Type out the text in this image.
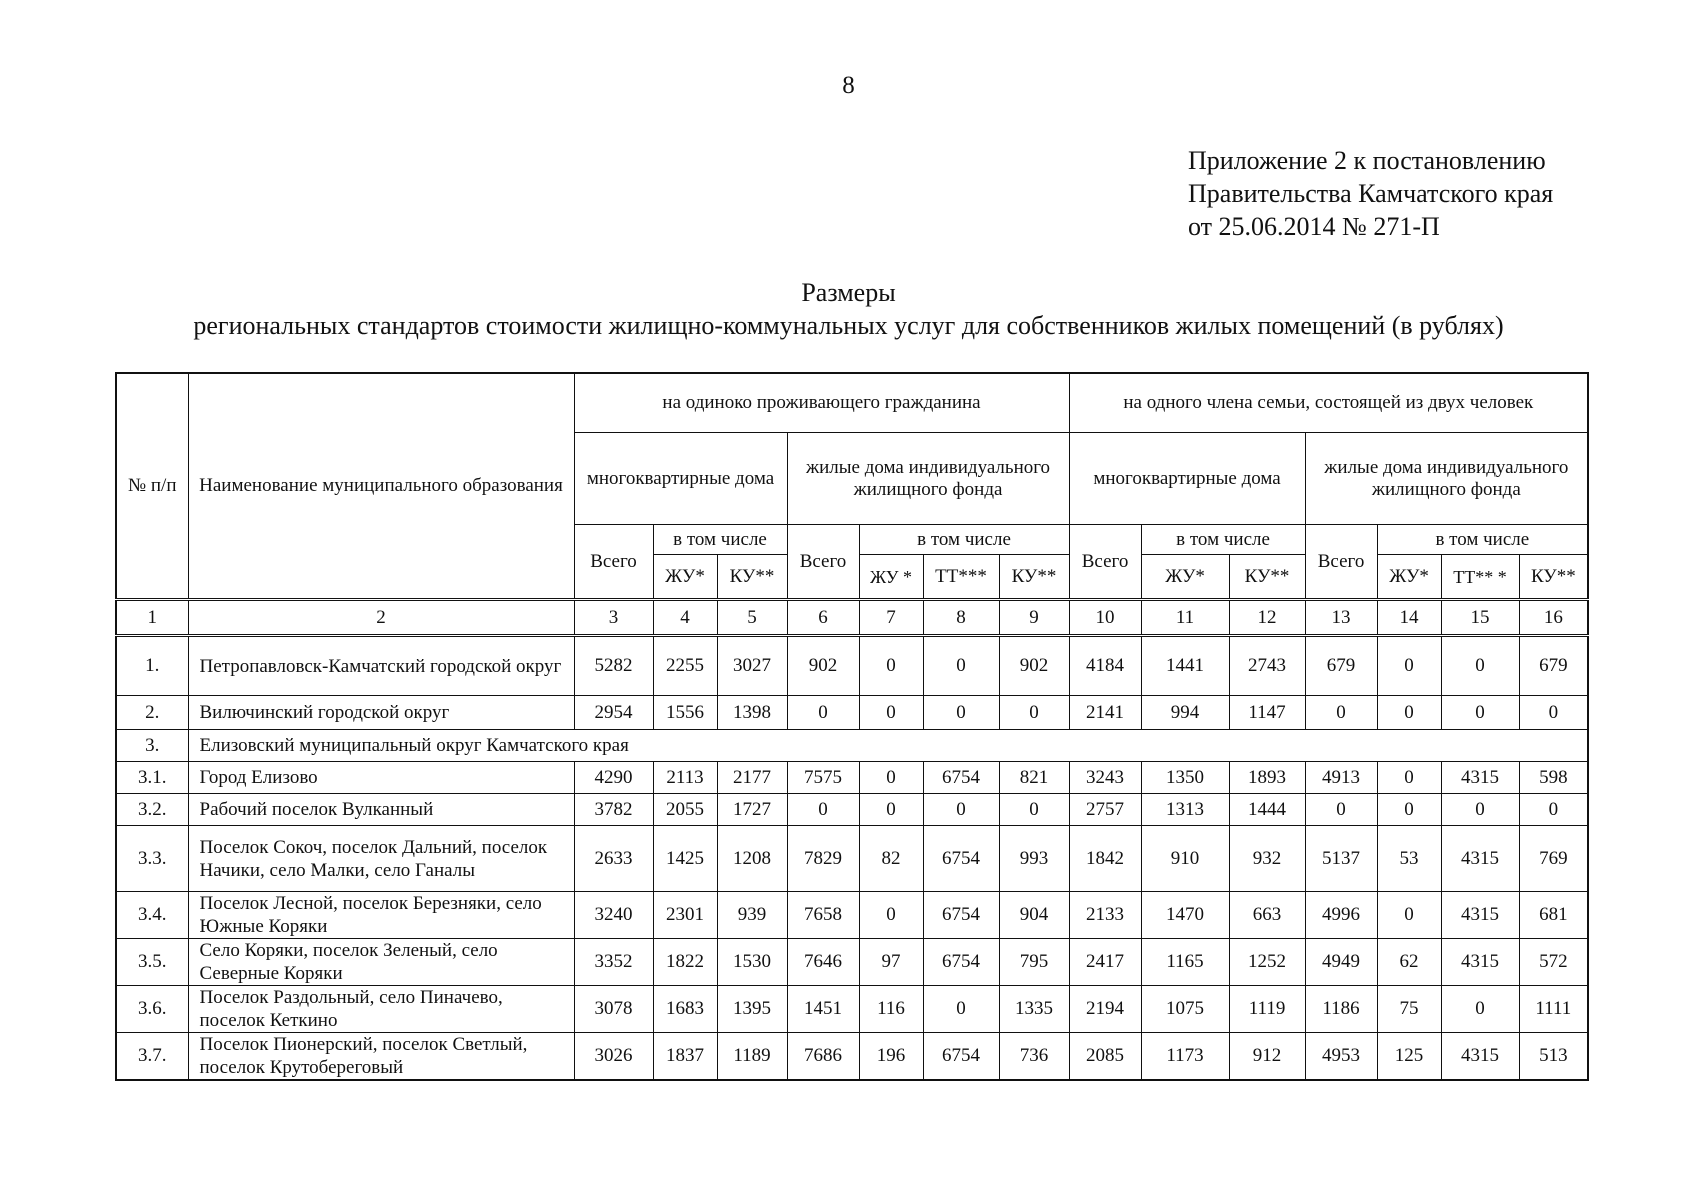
8
Приложение 2 к постановлению
Правительства Камчатского края
от 25.06.2014 № 271-П
Размеры
региональных стандартов стоимости жилищно-коммунальных услуг для собственников жилых помещений (в рублях)
№ п/п	Наименование муниципального образования	на одиноко проживающего гражданина							на одного члена семьи, состоящей из двух человек						
		многоквартирные дома			жилые дома индивидуального жилищного фонда				многоквартирные дома			жилые дома индивидуального жилищного фонда			
		Всего	в том числе		Всего	в том числе			Всего	в том числе		Всего	в том числе		
			ЖУ*	КУ**		ЖУ *	ТТ***	КУ**		ЖУ*	КУ**		ЖУ*	ТТ** *	КУ**
1	2	3	4	5	6	7	8	9	10	11	12	13	14	15	16
1.	Петропавловск-Камчатский городской округ	5282	2255	3027	902	0	0	902	4184	1441	2743	679	0	0	679
2.	Вилючинский городской округ	2954	1556	1398	0	0	0	0	2141	994	1147	0	0	0	0
3.	Елизовский муниципальный округ Камчатского края														
3.1.	Город Елизово	4290	2113	2177	7575	0	6754	821	3243	1350	1893	4913	0	4315	598
3.2.	Рабочий поселок Вулканный	3782	2055	1727	0	0	0	0	2757	1313	1444	0	0	0	0
3.3.	Поселок Сокоч, поселок Дальний, поселок Начики, село Малки, село Ганалы	2633	1425	1208	7829	82	6754	993	1842	910	932	5137	53	4315	769
3.4.	Поселок Лесной, поселок Березняки, село Южные Коряки	3240	2301	939	7658	0	6754	904	2133	1470	663	4996	0	4315	681
3.5.	Село Коряки, поселок Зеленый, село Северные Коряки	3352	1822	1530	7646	97	6754	795	2417	1165	1252	4949	62	4315	572
3.6.	Поселок Раздольный, село Пиначево, поселок Кеткино	3078	1683	1395	1451	116	0	1335	2194	1075	1119	1186	75	0	1111
3.7.	Поселок Пионерский, поселок Светлый, поселок Крутобереговый	3026	1837	1189	7686	196	6754	736	2085	1173	912	4953	125	4315	513
